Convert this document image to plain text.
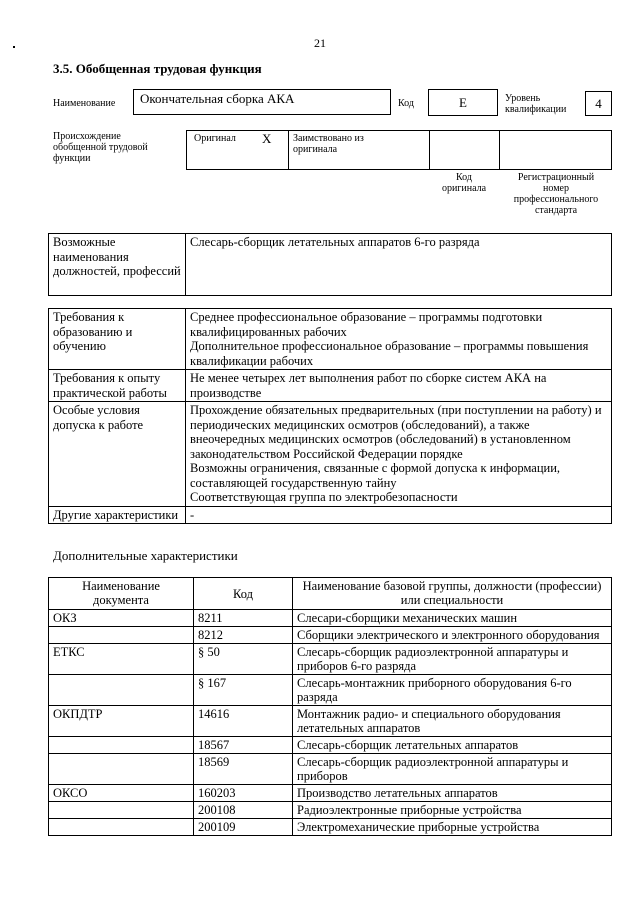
21
3.5. Обобщенная трудовая функция
Наименование Окончательная сборка АКА	Код	E	Уровень
квалификации	4
Происхождение
обобщенной трудовой
функции
Оригинал X Заимствовано из
оригинала
Код
оригинала
Регистрационный
номер
профессионального
стандарта
Возможные наименования должностей, профессий	Слесарь-сборщик летательных аппаратов 6-го разряда
Требования к образованию и обучению	Среднее профессиональное образование – программы подготовки квалифицированных рабочих
Дополнительное профессиональное образование – программы повышения квалификации рабочих

Требования к опыту практической работы	Не менее четырех лет выполнения работ по сборке систем АКА на производстве

Особые условия допуска к работе	Прохождение обязательных предварительных (при поступлении на работу) и периодических медицинских осмотров (обследований), а также внеочередных медицинских осмотров (обследований) в установленном законодательством Российской Федерации порядке
Возможны ограничения, связанные с формой допуска к информации, составляющей государственную тайну
Соответствующая группа по электробезопасности

Другие характеристики	-
Дополнительные характеристики
Наименование документа	Код	Наименование базовой группы, должности (профессии) или специальности
ОКЗ	8211	Слесари-сборщики механических машин
	8212	Сборщики электрического и электронного оборудования
ЕТКС	§ 50	Слесарь-сборщик радиоэлектронной аппаратуры и приборов 6-го разряда
	§ 167	Слесарь-монтажник приборного оборудования 6-го разряда
ОКПДТР	14616	Монтажник радио- и специального оборудования летательных аппаратов
	18567	Слесарь-сборщик летательных аппаратов
	18569	Слесарь-сборщик радиоэлектронной аппаратуры и приборов
ОКСО	160203	Производство летательных аппаратов
	200108	Радиоэлектронные приборные устройства
	200109	Электромеханические приборные устройства
